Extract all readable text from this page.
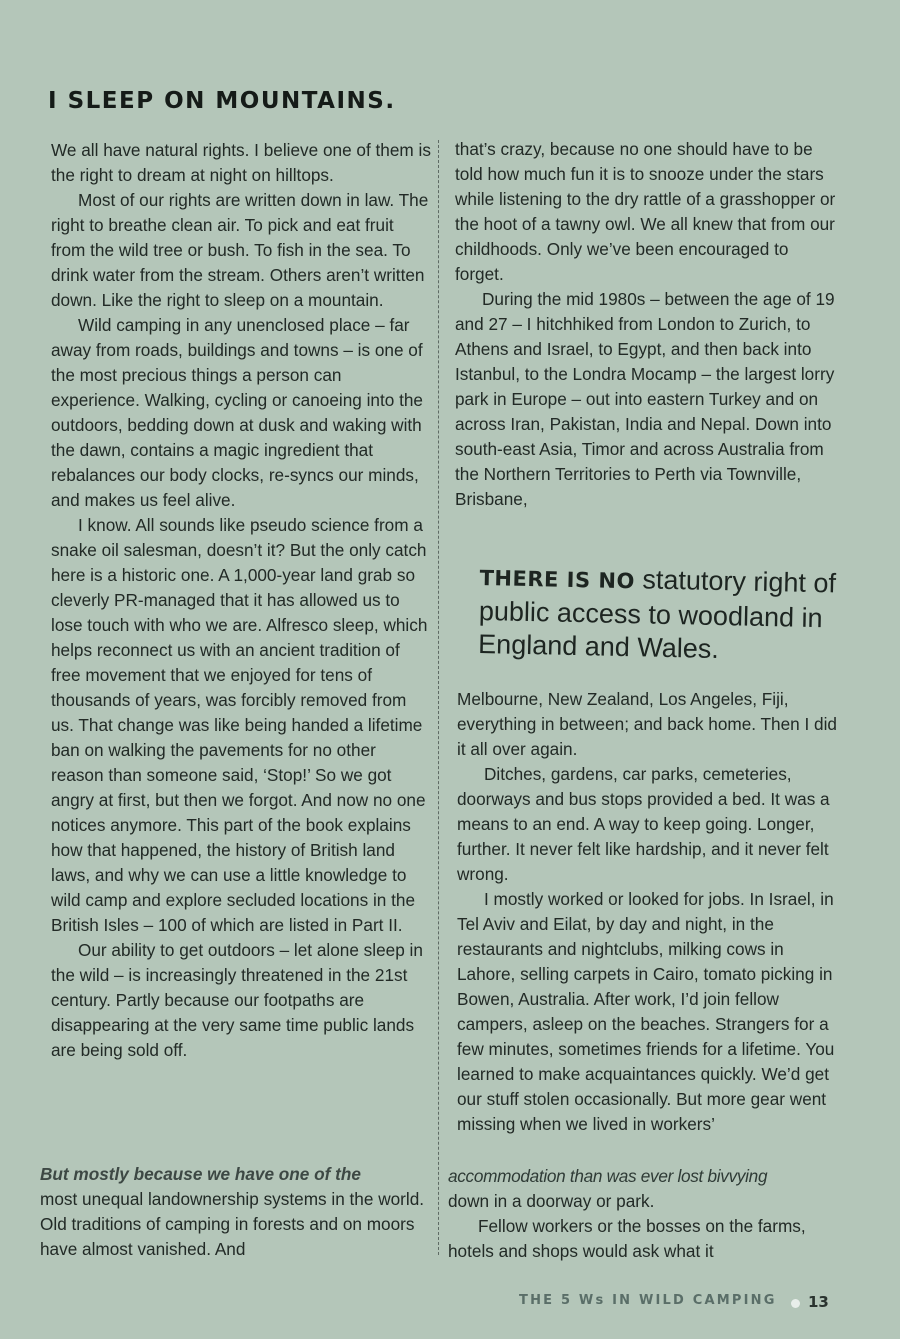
I SLEEP ON MOUNTAINS.

We all have natural rights. I believe one of them is the right to dream at night on hilltops.

Most of our rights are written down in law. The right to breathe clean air. To pick and eat fruit from the wild tree or bush. To fish in the sea. To drink water from the stream. Others aren’t written down. Like the right to sleep on a mountain.

Wild camping in any unenclosed place – far away from roads, buildings and towns – is one of the most precious things a person can experience. Walking, cycling or canoeing into the outdoors, bedding down at dusk and waking with the dawn, contains a magic ingredient that rebalances our body clocks, re-syncs our minds, and makes us feel alive.

I know. All sounds like pseudo science from a snake oil salesman, doesn’t it? But the only catch here is a historic one. A 1,000-year land grab so cleverly PR-managed that it has allowed us to lose touch with who we are. Alfresco sleep, which helps reconnect us with an ancient tradition of free movement that we enjoyed for tens of thousands of years, was forcibly removed from us. That change was like being handed a lifetime ban on walking the pavements for no other reason than someone said, ‘Stop!’ So we got angry at first, but then we forgot. And now no one notices anymore. This part of the book explains how that happened, the history of British land laws, and why we can use a little knowledge to wild camp and explore secluded locations in the British Isles – 100 of which are listed in Part II.

Our ability to get outdoors – let alone sleep in the wild – is increasingly threatened in the 21st century. Partly because our footpaths are disappearing at the very same time public lands are being sold off.

But mostly because we have one of the
most unequal landownership systems in the world. Old traditions of camping in forests and on moors have almost vanished. And

that’s crazy, because no one should have to be told how much fun it is to snooze under the stars while listening to the dry rattle of a grasshopper or the hoot of a tawny owl. We all knew that from our childhoods. Only we’ve been encouraged to forget.

During the mid 1980s – between the age of 19 and 27 – I hitchhiked from London to Zurich, to Athens and Israel, to Egypt, and then back into Istanbul, to the Londra Mocamp – the largest lorry park in Europe – out into eastern Turkey and on across Iran, Pakistan, India and Nepal. Down into south-east Asia, Timor and across Australia from the Northern Territories to Perth via Townville, Brisbane,

THERE IS NO statutory right of public access to woodland in England and Wales.

Melbourne, New Zealand, Los Angeles, Fiji, everything in between; and back home. Then I did it all over again.

Ditches, gardens, car parks, cemeteries, doorways and bus stops provided a bed. It was a means to an end. A way to keep going. Longer, further. It never felt like hardship, and it never felt wrong.

I mostly worked or looked for jobs. In Israel, in Tel Aviv and Eilat, by day and night, in the restaurants and nightclubs, milking cows in Lahore, selling carpets in Cairo, tomato picking in Bowen, Australia. After work, I’d join fellow campers, asleep on the beaches. Strangers for a few minutes, sometimes friends for a lifetime. You learned to make acquaintances quickly. We’d get our stuff stolen occasionally. But more gear went missing when we lived in workers’

accommodation than was ever lost bivvying
down in a doorway or park.

Fellow workers or the bosses on the farms, hotels and shops would ask what it

THE 5 Ws IN WILD CAMPING 13
